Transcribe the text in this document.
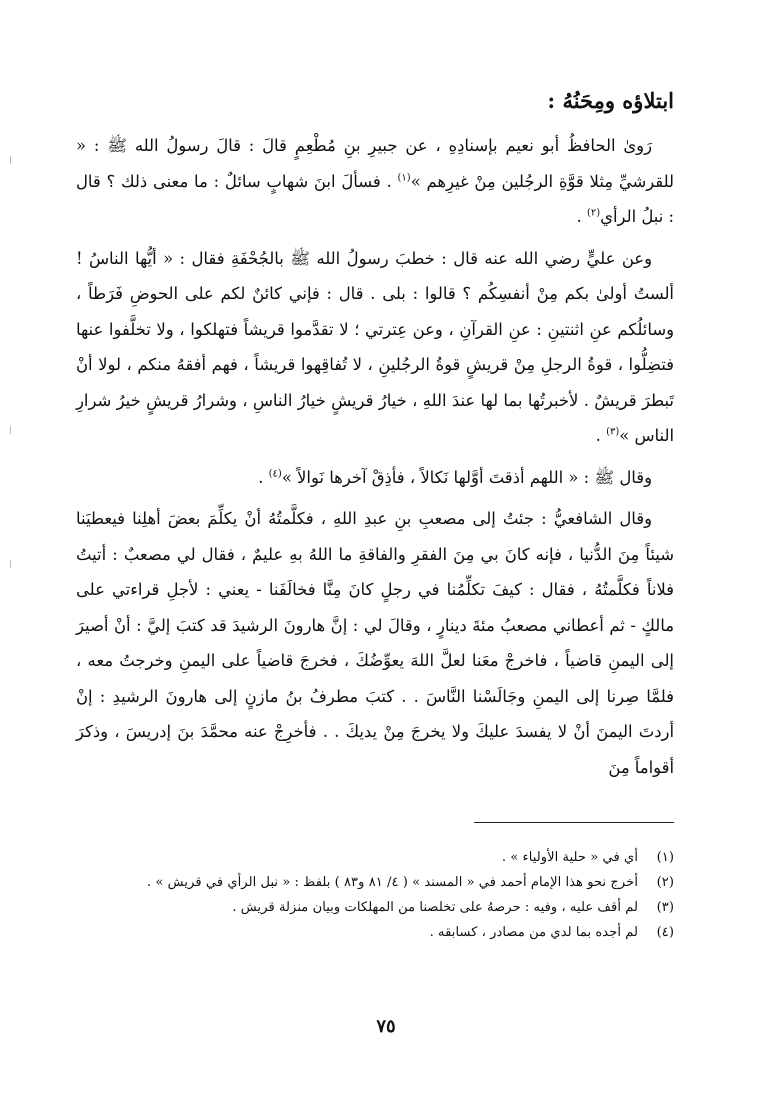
ابتلاؤه ومِحَنُهُ :

رَوىٰ الحافظُ أبو نعيم بإسنادِهِ ، عن جبيرِ بنِ مُطْعِمٍ قالَ : قالَ رسولُ الله ﷺ : « للقرشيِّ مِثلا قوَّةِ الرجُلين مِنْ غيرِهم »$^{(١)}$ . فسألَ ابنَ شهابٍ سائلٌ : ما معنى ذلك ؟ قال : نبلُ الرأي$^{(٢)}$ .

وعن عليٍّ رضي الله عنه قال : خطبَ رسولُ الله ﷺ بالجُحْفَةِ فقال : « أيُّها الناسُ ! ألستُ أولىٰ بكم مِنْ أنفسِكُم ؟ قالوا : بلى . قال : فإني كائنٌ لكم على الحوضِ فَرَطاً ، وسائلُكم عنِ اثنتينِ : عنِ القرآنِ ، وعن عِترتي ؛ لا تقدَّموا قريشاً فتهلكوا ، ولا تخلَّفوا عنها فتضِلُّوا ، قوةُ الرجلِ مِنْ قريشٍ قوةُ الرجُلينِ ، لا تُفاقِهوا قريشاً ، فهم أفقهُ منكم ، لولا أنْ تَبطرَ قريشٌ . لأخبرتُها بما لها عندَ اللهِ ، خيارُ قريشٍ خيارُ الناسِ ، وشرارُ قريشٍ خيرُ شرارِ الناس »$^{(٣)}$ .

وقال ﷺ : « اللهم أذقتَ أوَّلها نَكالاً ، فأذِقْ آخرها نَوالاً »$^{(٤)}$ .

وقال الشافعيُّ : جئتُ إلى مصعبِ بنِ عبدِ اللهِ ، فكلَّمتُهُ أنْ يكلِّمَ بعضَ أهلِنا فيعطيَنا شيئاً مِنَ الدُّنيا ، فإنه كانَ بي مِنَ الفقرِ والفاقةِ ما اللهُ بهِ عليمٌ ، فقال لي مصعبٌ : أتيتُ فلاناً فكلَّمتُهُ ، فقال : كيفَ تكلِّمُنا في رجلٍ كانَ مِنَّا فخالَفَنا - يعني : لأجلِ قراءتي على مالكٍ - ثم أعطاني مصعبُ مئةَ دينارٍ ، وقالَ لي : إنَّ هارونَ الرشيدَ قد كتبَ إليَّ : أنْ أصيرَ إلى اليمنِ قاضياً ، فاخرجْ معَنا لعلَّ اللهَ يعوِّضُكَ ، فخرجَ قاضياً على اليمنِ وخرجتُ معه ، فلمَّا صِرنا إلى اليمنِ وجَالَسْنا النَّاسَ . . كتبَ مطرفُ بنُ مازنٍ إلى هارونَ الرشيدِ : إنْ أردتَ اليمنَ أنْ لا يفسدَ عليكَ ولا يخرجَ مِنْ يديكَ . . فأخرِجْ عنه محمَّدَ بنَ إدريسَ ، وذكرَ أقواماً مِنَ

(١)
أي في « حلية الأولياء » .
(٢)
أخرج نحو هذا الإمام أحمد في « المسند » ( ٤/ ٨١ و٨٣ ) بلفظ : « نبل الرأي في قريش » .
(٣)
لم أقف عليه ، وفيه : حرصهُ على تخلصنا من المهلكات وبيان منزلة قريش .
(٤)
لم أجده بما لدي من مصادر ، كسابقه .
٧٥
